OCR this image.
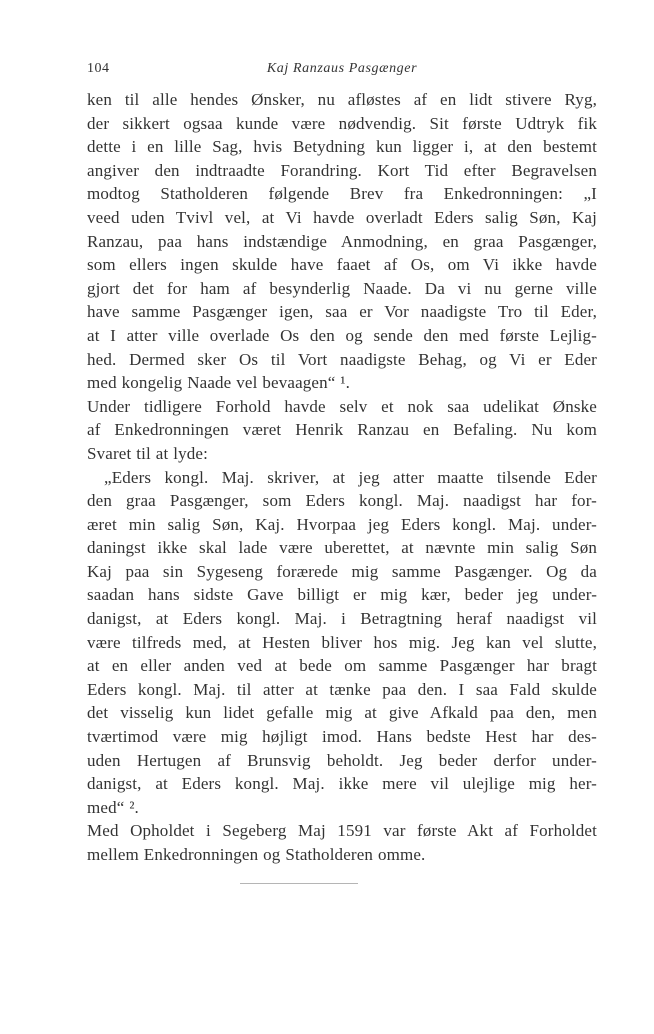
104	Kaj Ranzaus Pasgænger
ken til alle hendes Ønsker, nu afløstes af en lidt stivere Ryg,
der sikkert ogsaa kunde være nødvendig. Sit første Udtryk fik
dette i en lille Sag, hvis Betydning kun ligger i, at den bestemt
angiver den indtraadte Forandring. Kort Tid efter Begravelsen
modtog Statholderen følgende Brev fra Enkedronningen: „I
veed uden Tvivl vel, at Vi havde overladt Eders salig Søn, Kaj
Ranzau, paa hans indstændige Anmodning, en graa Pasgænger,
som ellers ingen skulde have faaet af Os, om Vi ikke havde
gjort det for ham af besynderlig Naade. Da vi nu gerne ville
have samme Pasgænger igen, saa er Vor naadigste Tro til Eder,
at I atter ville overlade Os den og sende den med første Lejlig-
hed. Dermed sker Os til Vort naadigste Behag, og Vi er Eder
med kongelig Naade vel bevaagen“ ¹.
Under tidligere Forhold havde selv et nok saa udelikat Ønske
af Enkedronningen været Henrik Ranzau en Befaling. Nu kom
Svaret til at lyde:
„Eders kongl. Maj. skriver, at jeg atter maatte tilsende Eder
den graa Pasgænger, som Eders kongl. Maj. naadigst har for-
æret min salig Søn, Kaj. Hvorpaa jeg Eders kongl. Maj. under-
daningst ikke skal lade være uberettet, at nævnte min salig Søn
Kaj paa sin Sygeseng forærede mig samme Pasgænger. Og da
saadan hans sidste Gave billigt er mig kær, beder jeg under-
danigst, at Eders kongl. Maj. i Betragtning heraf naadigst vil
være tilfreds med, at Hesten bliver hos mig. Jeg kan vel slutte,
at en eller anden ved at bede om samme Pasgænger har bragt
Eders kongl. Maj. til atter at tænke paa den. I saa Fald skulde
det visselig kun lidet gefalle mig at give Afkald paa den, men
tværtimod være mig højligt imod. Hans bedste Hest har des-
uden Hertugen af Brunsvig beholdt. Jeg beder derfor under-
danigst, at Eders kongl. Maj. ikke mere vil ulejlige mig her-
med“ ².
Med Opholdet i Segeberg Maj 1591 var første Akt af Forholdet
mellem Enkedronningen og Statholderen omme.
